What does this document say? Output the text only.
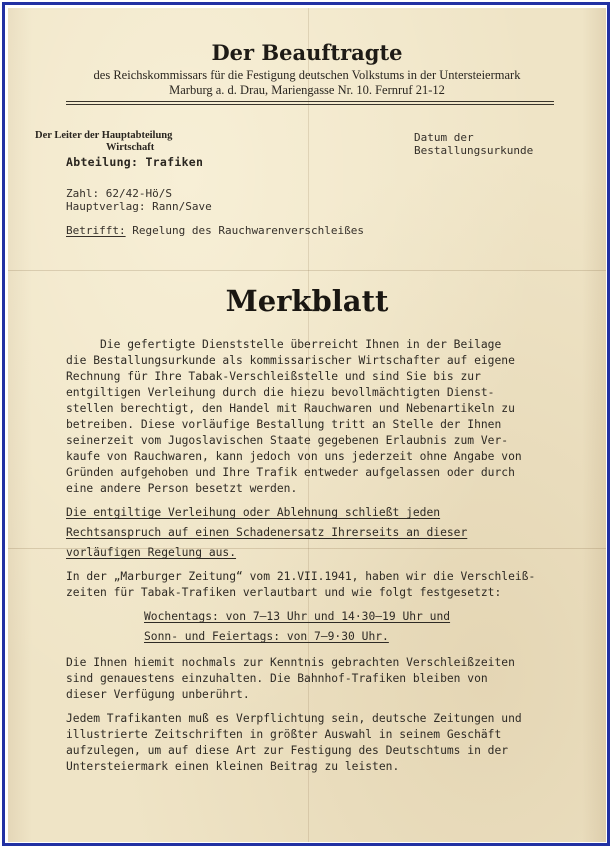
Der Beauftragte
des Reichskommissars für die Festigung deutschen Volkstums in der Untersteiermark
Marburg a. d. Drau, Mariengasse Nr. 10. Fernruf 21-12
Der Leiter der Hauptabteilung
Wirtschaft
Abteilung: Trafiken
Datum der
Bestallungsurkunde
Zahl: 62/42-Hö/S
Hauptverlag: Rann/Save
Betrifft: Regelung des Rauchwarenverschleißes
Merkblatt
Die gefertigte Dienststelle überreicht Ihnen in der Beilage
die Bestallungsurkunde als kommissarischer Wirtschafter auf eigene
Rechnung für Ihre Tabak-Verschleißstelle und sind Sie bis zur
entgiltigen Verleihung durch die hiezu bevollmächtigten Dienst-
stellen berechtigt, den Handel mit Rauchwaren und Nebenartikeln zu
betreiben. Diese vorläufige Bestallung tritt an Stelle der Ihnen
seinerzeit vom Jugoslavischen Staate gegebenen Erlaubnis zum Ver-
kaufe von Rauchwaren, kann jedoch von uns jederzeit ohne Angabe von
Gründen aufgehoben und Ihre Trafik entweder aufgelassen oder durch
eine andere Person besetzt werden.
Die entgiltige Verleihung oder Ablehnung schließt jeden
Rechtsanspruch auf einen Schadenersatz Ihrerseits an dieser
vorläufigen Regelung aus.
In der „Marburger Zeitung“ vom 21.VII.1941, haben wir die Verschleiß-
zeiten für Tabak-Trafiken verlautbart und wie folgt festgesetzt:
Wochentags: von 7–13 Uhr und 14·30–19 Uhr und
Sonn- und Feiertags: von 7–9·30 Uhr.
Die Ihnen hiemit nochmals zur Kenntnis gebrachten Verschleißzeiten
sind genauestens einzuhalten. Die Bahnhof-Trafiken bleiben von
dieser Verfügung unberührt.
Jedem Trafikanten muß es Verpflichtung sein, deutsche Zeitungen und
illustrierte Zeitschriften in größter Auswahl in seinem Geschäft
aufzulegen, um auf diese Art zur Festigung des Deutschtums in der
Untersteiermark einen kleinen Beitrag zu leisten.
